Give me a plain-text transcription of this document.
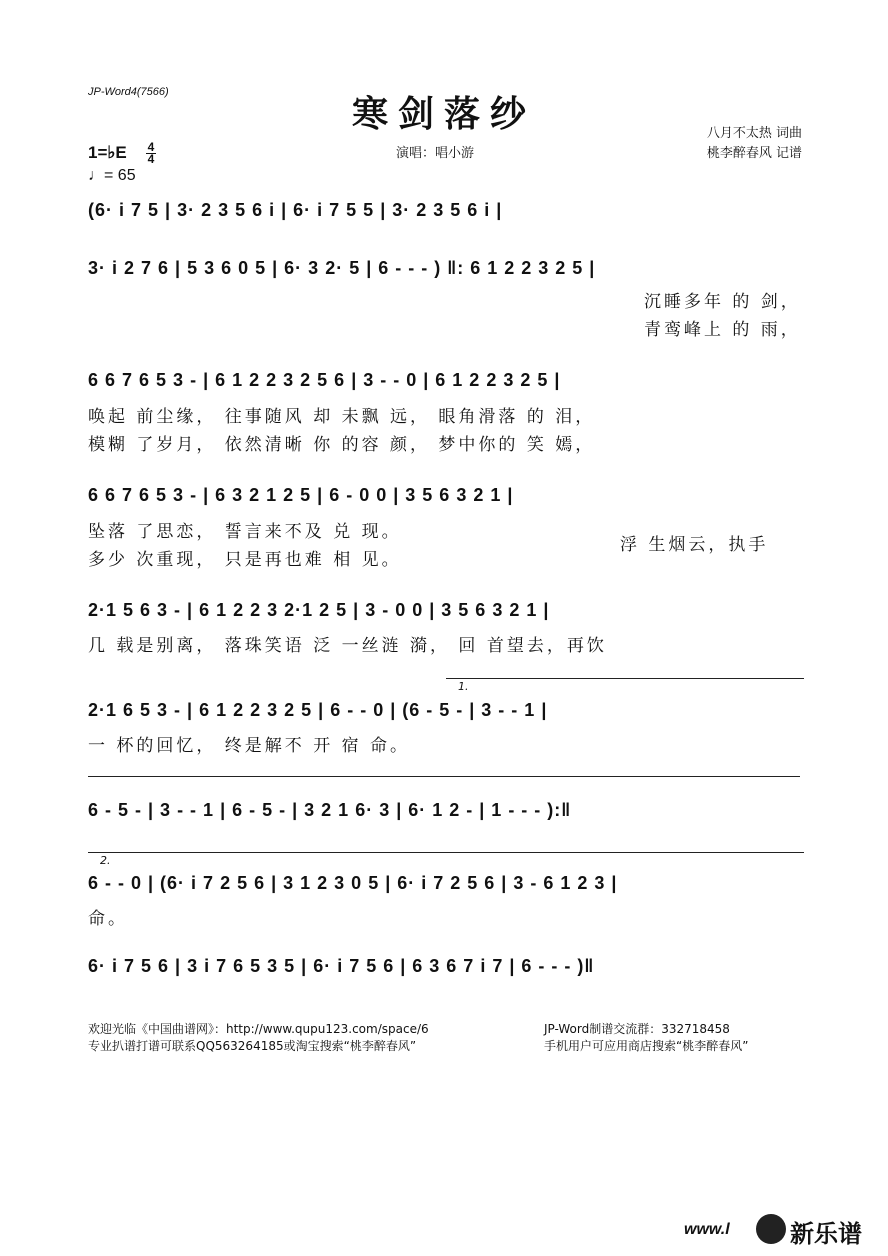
JP-Word4(7566)
寒剑落纱	八月不太热 词曲
桃李醉春风 记谱
演唱：唱小游
1=♭E 4
4
♩= 65
(6· i 7 5 | 3· 2 3 5 6 i | 6· i 7 5 5 | 3· 2 3 5 6 i |
3· i 2 7 6 | 5 3 6 0 5 | 6· 3 2· 5 | 6 - - - ) ‖: 6 1 2 2 3 2 5 |
沉睡多年 的 剑，
青鸾峰上 的 雨，
6 6 7 6 5 3 - | 6 1 2 2 3 2 5 6 | 3 - - 0 | 6 1 2 2 3 2 5 |
唤起 前尘缘， 往事随风 却 未飘 远， 眼角滑落 的 泪，
模糊 了岁月， 依然清晰 你 的容 颜， 梦中你的 笑 嫣，
6 6 7 6 5 3 - | 6 3 2 1 2 5 | 6 - 0 0 | 3 5 6 3 2 1 |
坠落 了思恋， 誓言来不及 兑 现。
多少 次重现， 只是再也难 相 见。
浮 生烟云，执手
2·1 5 6 3 - | 6 1 2 2 3 2·1 2 5 | 3 - 0 0 | 3 5 6 3 2 1 |
几 载是别离， 落珠笑语 泛 一丝涟 漪， 回 首望去，再饮
1.
2·1 6 5 3 - | 6 1 2 2 3 2 5 | 6 - - 0 | (6 - 5 - | 3 - - 1 |
一 杯的回忆， 终是解不 开 宿 命。
6 - 5 - | 3 - - 1 | 6 - 5 - | 3 2 1 6· 3 | 6· 1 2 - | 1 - - - ):‖
2.
6 - - 0 | (6· i 7 2 5 6 | 3 1 2 3 0 5 | 6· i 7 2 5 6 | 3 - 6 1 2 3 |
命。
6· i 7 5 6 | 3 i 7 6 5 3 5 | 6· i 7 5 6 | 6 3 6 7 i 7 | 6 - - - )‖
欢迎光临《中国曲谱网》：http://www.qupu123.com/space/6
专业扒谱打谱可联系QQ563264185或淘宝搜索“桃李醉春风”
JP-Word制谱交流群：332718458
手机用户可应用商店搜索“桃李醉春风”
www.l	新乐谱
